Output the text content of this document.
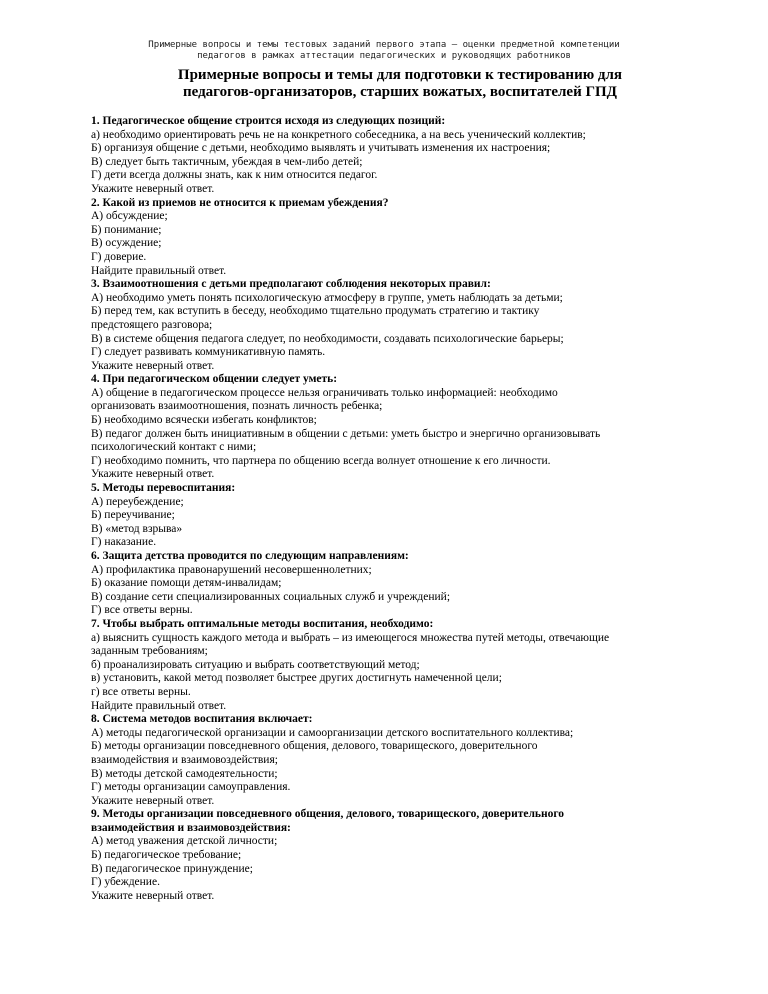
Примерные вопросы и темы тестовых заданий первого этапа – оценки предметной компетенции
педагогов в рамках аттестации педагогических и руководящих работников
Примерные вопросы и темы для подготовки к тестированию для
педагогов-организаторов, старших вожатых, воспитателей ГПД
1. Педагогическое общение строится исходя из следующих позиций:
а) необходимо ориентировать речь не на конкретного собеседника, а на весь ученический коллектив;
Б) организуя общение с детьми, необходимо выявлять и учитывать изменения их настроения;
В) следует быть тактичным, убеждая в чем-либо детей;
Г) дети всегда должны знать, как к ним относится педагог.
Укажите неверный ответ.
2. Какой из приемов не относится к приемам убеждения?
А) обсуждение;
Б) понимание;
В) осуждение;
Г) доверие.
Найдите правильный ответ.
3. Взаимоотношения с детьми предполагают соблюдения некоторых правил:
А) необходимо уметь понять психологическую атмосферу в группе, уметь наблюдать за детьми;
Б) перед тем, как вступить в беседу, необходимо тщательно продумать стратегию и тактику
предстоящего разговора;
В) в системе общения педагога следует, по необходимости, создавать психологические барьеры;
Г) следует развивать коммуникативную память.
Укажите неверный ответ.
4. При педагогическом общении следует уметь:
А) общение в педагогическом процессе нельзя ограничивать только информацией: необходимо
организовать взаимоотношения, познать личность ребенка;
Б) необходимо всячески избегать конфликтов;
В) педагог должен быть инициативным в общении с детьми: уметь быстро и энергично организовывать
психологический контакт с ними;
Г) необходимо помнить, что партнера по общению всегда волнует отношение к его личности.
Укажите неверный ответ.
5. Методы перевоспитания:
А) переубеждение;
Б) переучивание;
В) «метод взрыва»
Г) наказание.
6. Защита детства проводится по следующим направлениям:
А) профилактика правонарушений несовершеннолетних;
Б) оказание помощи детям-инвалидам;
В) создание сети специализированных социальных служб и учреждений;
Г) все ответы верны.
7. Чтобы выбрать оптимальные методы воспитания, необходимо:
а) выяснить сущность каждого метода и выбрать – из имеющегося множества путей методы, отвечающие
заданным требованиям;
б) проанализировать ситуацию и выбрать соответствующий метод;
в) установить, какой метод позволяет быстрее других достигнуть намеченной цели;
г) все ответы верны.
Найдите правильный ответ.
8. Система методов воспитания включает:
А) методы педагогической организации и самоорганизации детского воспитательного коллектива;
Б) методы организации повседневного общения, делового, товарищеского, доверительного
взаимодействия и взаимовоздействия;
В) методы детской самодеятельности;
Г) методы организации самоуправления.
Укажите неверный ответ.
9. Методы организации повседневного общения, делового, товарищеского, доверительного
взаимодействия и взаимовоздействия:
А) метод уважения детской личности;
Б) педагогическое требование;
В) педагогическое принуждение;
Г) убеждение.
Укажите неверный ответ.
